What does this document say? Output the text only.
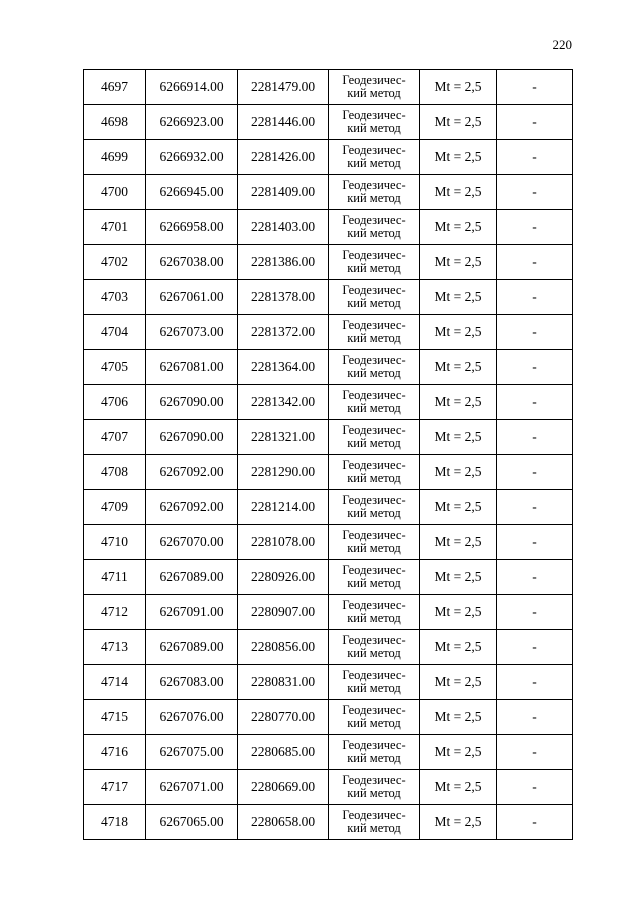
220
4697	6266914.00	2281479.00	Геодезичес-
кий метод	Mt = 2,5	-
4698	6266923.00	2281446.00	Геодезичес-
кий метод	Mt = 2,5	-
4699	6266932.00	2281426.00	Геодезичес-
кий метод	Mt = 2,5	-
4700	6266945.00	2281409.00	Геодезичес-
кий метод	Mt = 2,5	-
4701	6266958.00	2281403.00	Геодезичес-
кий метод	Mt = 2,5	-
4702	6267038.00	2281386.00	Геодезичес-
кий метод	Mt = 2,5	-
4703	6267061.00	2281378.00	Геодезичес-
кий метод	Mt = 2,5	-
4704	6267073.00	2281372.00	Геодезичес-
кий метод	Mt = 2,5	-
4705	6267081.00	2281364.00	Геодезичес-
кий метод	Mt = 2,5	-
4706	6267090.00	2281342.00	Геодезичес-
кий метод	Mt = 2,5	-
4707	6267090.00	2281321.00	Геодезичес-
кий метод	Mt = 2,5	-
4708	6267092.00	2281290.00	Геодезичес-
кий метод	Mt = 2,5	-
4709	6267092.00	2281214.00	Геодезичес-
кий метод	Mt = 2,5	-
4710	6267070.00	2281078.00	Геодезичес-
кий метод	Mt = 2,5	-
4711	6267089.00	2280926.00	Геодезичес-
кий метод	Mt = 2,5	-
4712	6267091.00	2280907.00	Геодезичес-
кий метод	Mt = 2,5	-
4713	6267089.00	2280856.00	Геодезичес-
кий метод	Mt = 2,5	-
4714	6267083.00	2280831.00	Геодезичес-
кий метод	Mt = 2,5	-
4715	6267076.00	2280770.00	Геодезичес-
кий метод	Mt = 2,5	-
4716	6267075.00	2280685.00	Геодезичес-
кий метод	Mt = 2,5	-
4717	6267071.00	2280669.00	Геодезичес-
кий метод	Mt = 2,5	-
4718	6267065.00	2280658.00	Геодезичес-
кий метод	Mt = 2,5	-
